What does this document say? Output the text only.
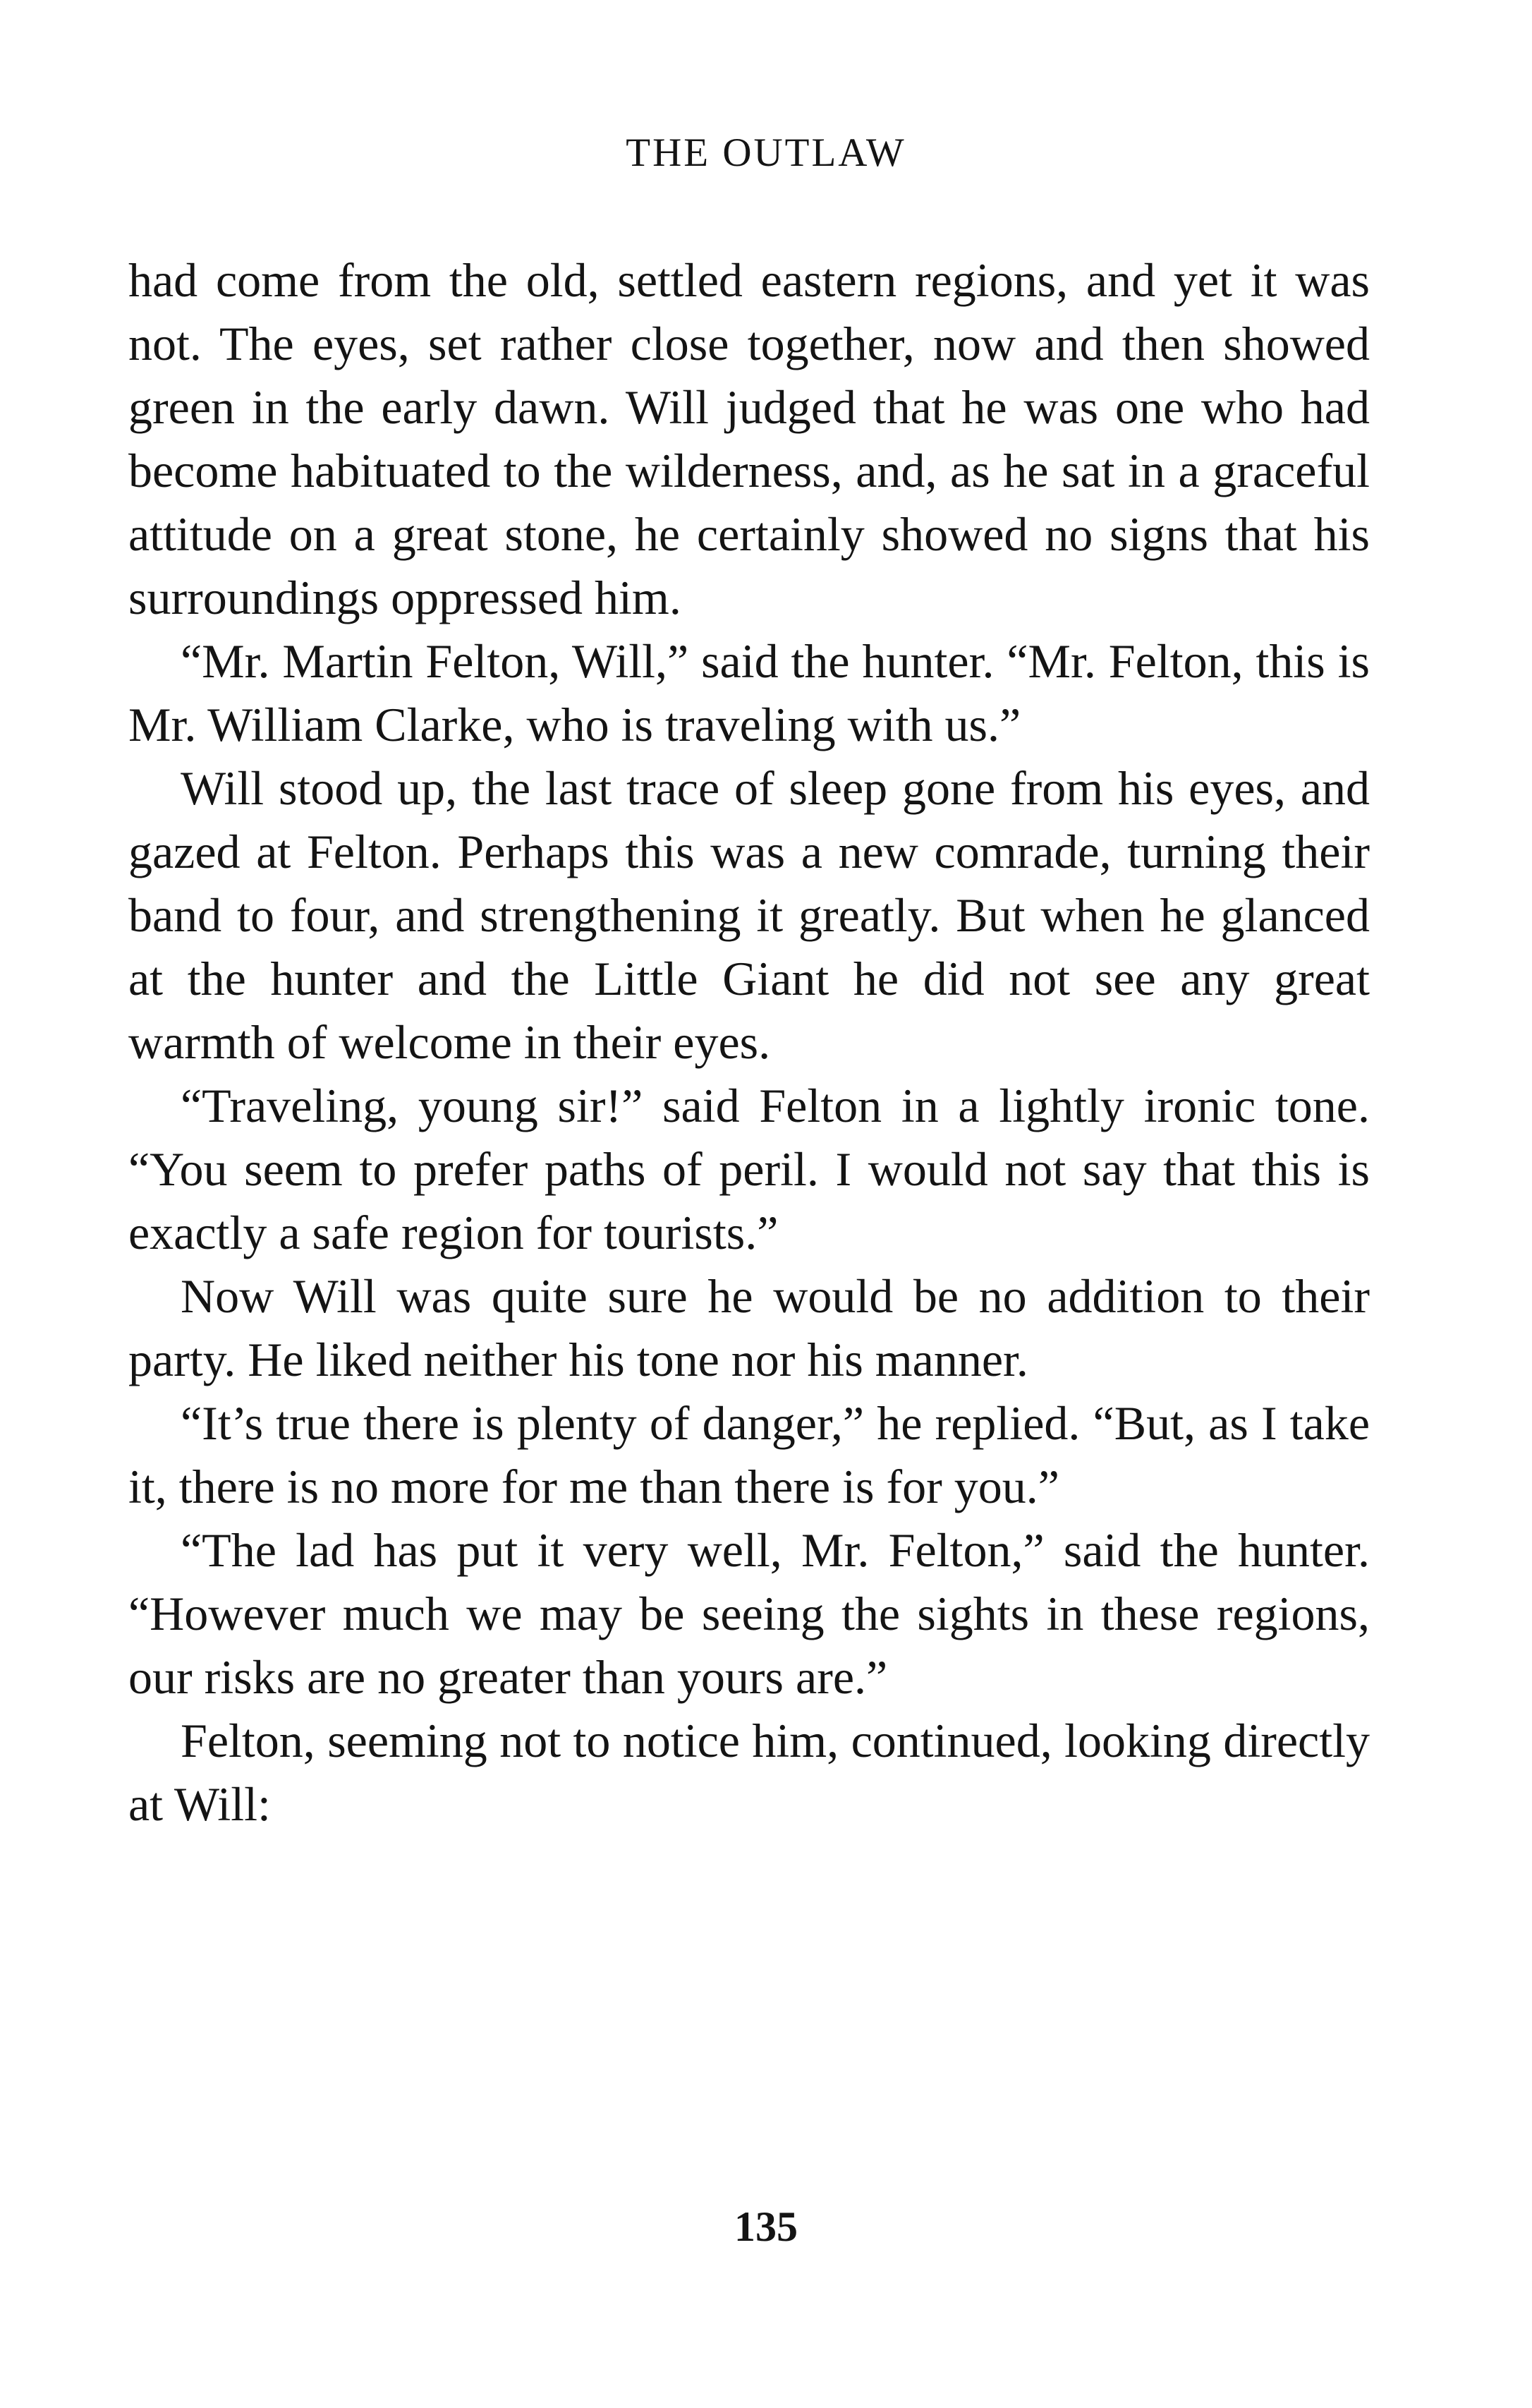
THE OUTLAW

had come from the old, settled eastern regions, and yet it was not. The eyes, set rather close together, now and then showed green in the early dawn. Will judged that he was one who had become habituated to the wilderness, and, as he sat in a graceful attitude on a great stone, he certainly showed no signs that his surroundings oppressed him.

“Mr. Martin Felton, Will,” said the hunter. “Mr. Felton, this is Mr. William Clarke, who is traveling with us.”

Will stood up, the last trace of sleep gone from his eyes, and gazed at Felton. Perhaps this was a new comrade, turning their band to four, and strengthening it greatly. But when he glanced at the hunter and the Little Giant he did not see any great warmth of welcome in their eyes.

“Traveling, young sir!” said Felton in a lightly ironic tone. “You seem to prefer paths of peril. I would not say that this is exactly a safe region for tourists.”

Now Will was quite sure he would be no addition to their party. He liked neither his tone nor his manner.

“It’s true there is plenty of danger,” he replied. “But, as I take it, there is no more for me than there is for you.”

“The lad has put it very well, Mr. Felton,” said the hunter. “However much we may be seeing the sights in these regions, our risks are no greater than yours are.”

Felton, seeming not to notice him, continued, looking directly at Will:

135
